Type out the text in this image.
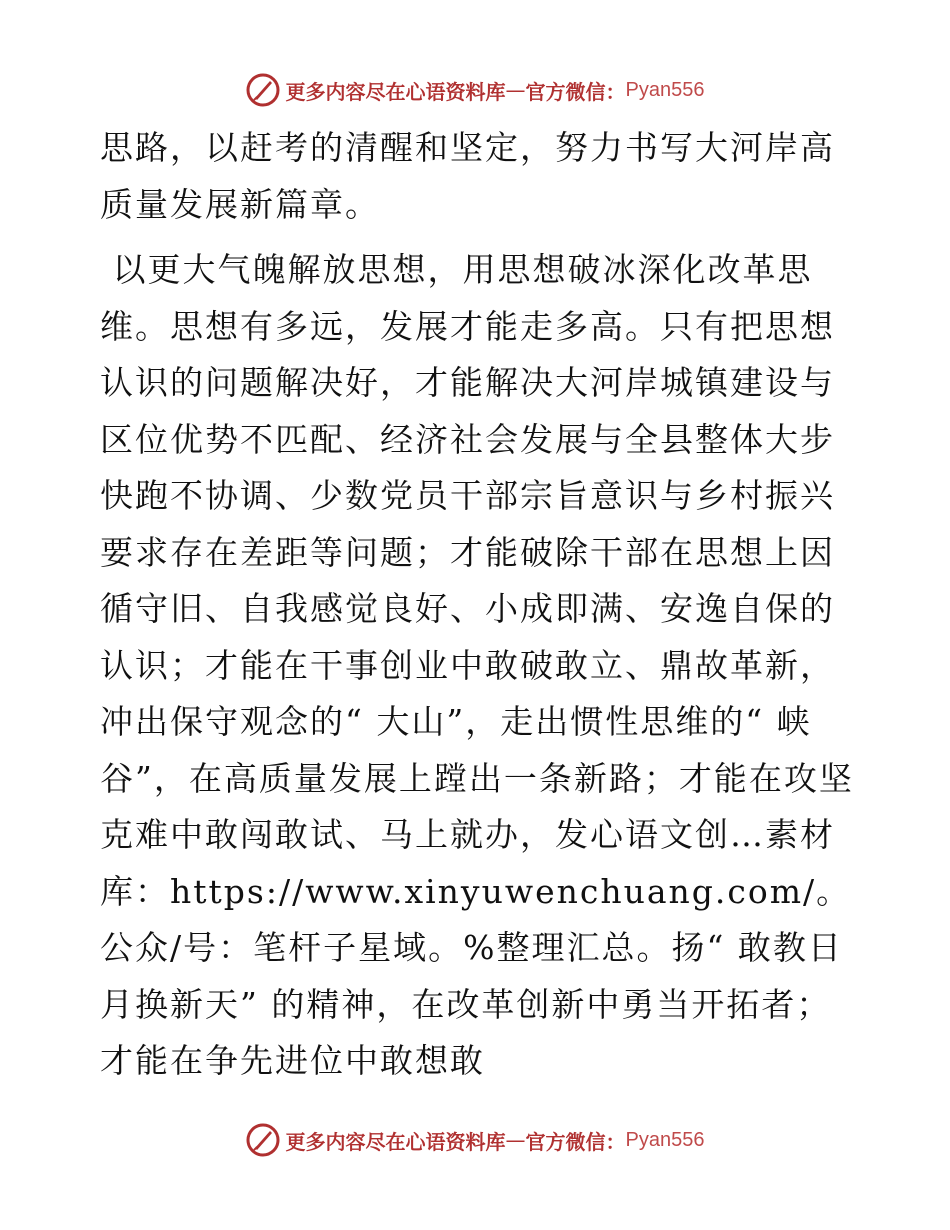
更多内容尽在心语资料库 — 官方微信： Pyan556

思路，以赶考的清醒和坚定，努力书写大河岸高质量发展新篇章。

以更大气魄解放思想，用思想破冰深化改革思维。思想有多远，发展才能走多高。只有把思想认识的问题解决好，才能解决大河岸城镇建设与区位优势不匹配、经济社会发展与全县整体大步快跑不协调、少数党员干部宗旨意识与乡村振兴要求存在差距等问题；才能破除干部在思想上因循守旧、自我感觉良好、小成即满、安逸自保的认识；才能在干事创业中敢破敢立、鼎故革新，冲出保守观念的“ 大山”，走出惯性思维的“ 峡谷”，在高质量发展上蹚出一条新路；才能在攻坚克难中敢闯敢试、马上就办，发心语文创…素材库：https://www.xinyuwenchuang.com/。公众/号：笔杆子星域。%整理汇总。扬“ 敢教日月换新天” 的精神，在改革创新中勇当开拓者；才能在争先进位中敢想敢

更多内容尽在心语资料库 — 官方微信： Pyan556
